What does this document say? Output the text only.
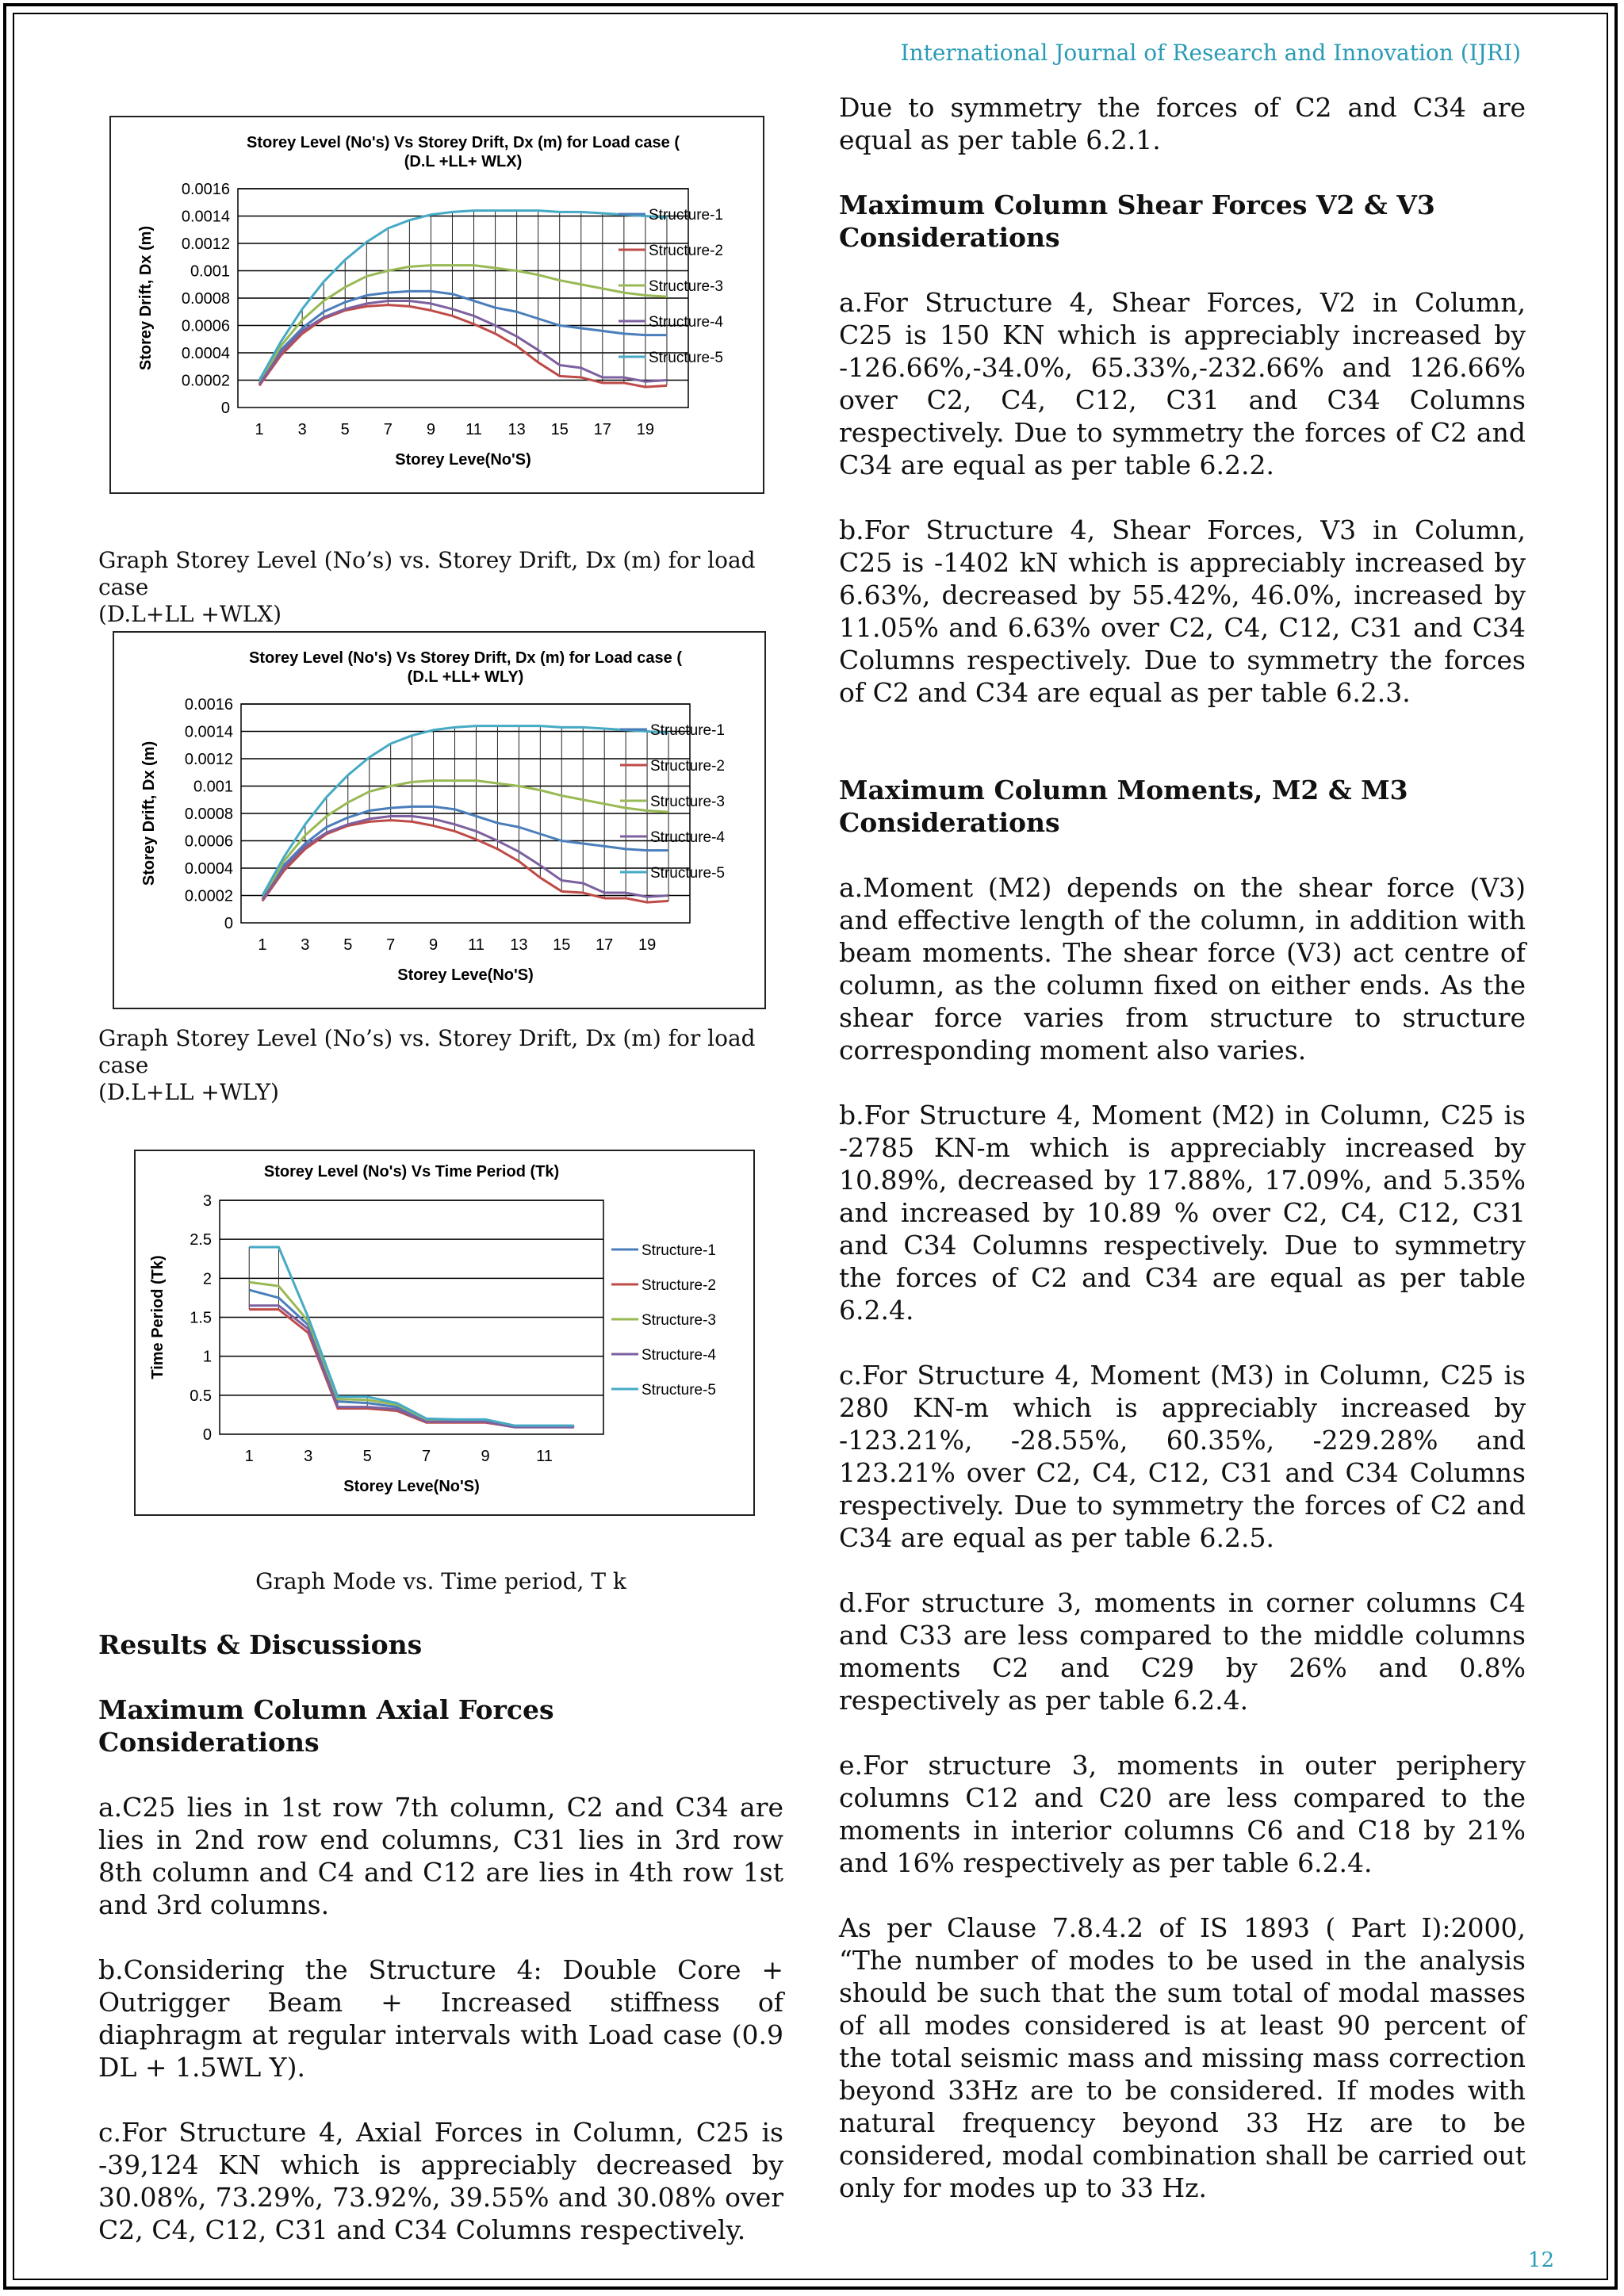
International Journal of Research and Innovation (IJRI)
Storey Level (No's) Vs Storey Drift, Dx (m) for Load case (
(D.L +LL+ WLX)
0
0.0002
0.0004
0.0006
0.0008
0.001
0.0012
0.0014
0.0016
1 3 5 7 9 11 13 15 17 19
Storey Leve(No'S)
Storey Drift, Dx (m)
Structure-1
Structure-2
Structure-3
Structure-4
Structure-5
Graph Storey Level (No’s) vs. Storey Drift, Dx (m) for load case
(D.L+LL +WLX)
Storey Level (No's) Vs Storey Drift, Dx (m) for Load case (
(D.L +LL+ WLY)
0
0.0002
0.0004
0.0006
0.0008
0.001
0.0012
0.0014
0.0016
1 3 5 7 9 11 13 15 17 19
Storey Leve(No'S)
Storey Drift, Dx (m)
Structure-1
Structure-2
Structure-3
Structure-4
Structure-5
Graph Storey Level (No’s) vs. Storey Drift, Dx (m) for load case
(D.L+LL +WLY)
Storey Level (No's) Vs Time Period (Tk)
0
0.5
1
1.5
2
2.5
3
1	3	5	7	9	11
Storey Leve(No'S)
Time Period (Tk)
Structure-1
Structure-2
Structure-3
Structure-4
Structure-5
Graph Mode vs. Time period, T k
Results & Discussions
Maximum Column Axial Forces Considerations

a.C25 lies in 1st row 7th column, C2 and C34 are lies in 2nd row end columns, C31 lies in 3rd row 8th column and C4 and C12 are lies in 4th row 1st and 3rd columns.

b.Considering the Structure 4: Double Core + Outrigger Beam + Increased stiffness of diaphragm at regular intervals with Load case (0.9 DL + 1.5WL Y).

c.For Structure 4, Axial Forces in Column, C25 is -39,124 KN which is appreciably decreased by 30.08%, 73.29%, 73.92%, 39.55% and 30.08% over C2, C4, C12, C31 and C34 Columns respectively.

Due to symmetry the forces of C2 and C34 are equal as per table 6.2.1.

Maximum Column Shear Forces V2 & V3 Considerations

a.For Structure 4, Shear Forces, V2 in Column, C25 is 150 KN which is appreciably increased by -126.66%,-34.0%, 65.33%,-232.66% and 126.66% over C2, C4, C12, C31 and C34 Columns respectively. Due to symmetry the forces of C2 and C34 are equal as per table 6.2.2.

b.For Structure 4, Shear Forces, V3 in Column, C25 is -1402 kN which is appreciably increased by 6.63%, decreased by 55.42%, 46.0%, increased by 11.05% and 6.63% over C2, C4, C12, C31 and C34 Columns respectively. Due to symmetry the forces of C2 and C34 are equal as per table 6.2.3.

Maximum Column Moments, M2 & M3 Considerations

a.Moment (M2) depends on the shear force (V3) and effective length of the column, in addition with beam moments. The shear force (V3) act centre of column, as the column fixed on either ends. As the shear force varies from structure to structure corresponding moment also varies.

b.For Structure 4, Moment (M2) in Column, C25 is -2785 KN-m which is appreciably increased by 10.89%, decreased by 17.88%, 17.09%, and 5.35% and increased by 10.89 % over C2, C4, C12, C31 and C34 Columns respectively. Due to symmetry the forces of C2 and C34 are equal as per table 6.2.4.

c.For Structure 4, Moment (M3) in Column, C25 is 280 KN-m which is appreciably increased by -123.21%, -28.55%, 60.35%, -229.28% and 123.21% over C2, C4, C12, C31 and C34 Columns respectively. Due to symmetry the forces of C2 and C34 are equal as per table 6.2.5.

d.For structure 3, moments in corner columns C4 and C33 are less compared to the middle columns moments C2 and C29 by 26% and 0.8% respectively as per table 6.2.4.

e.For structure 3, moments in outer periphery columns C12 and C20 are less compared to the moments in interior columns C6 and C18 by 21% and 16% respectively as per table 6.2.4.

As per Clause 7.8.4.2 of IS 1893 ( Part I):2000, “The number of modes to be used in the analysis should be such that the sum total of modal masses of all modes considered is at least 90 percent of the total seismic mass and missing mass correction beyond 33Hz are to be considered. If modes with natural frequency beyond 33 Hz are to be considered, modal combination shall be carried out only for modes up to 33 Hz.

12
